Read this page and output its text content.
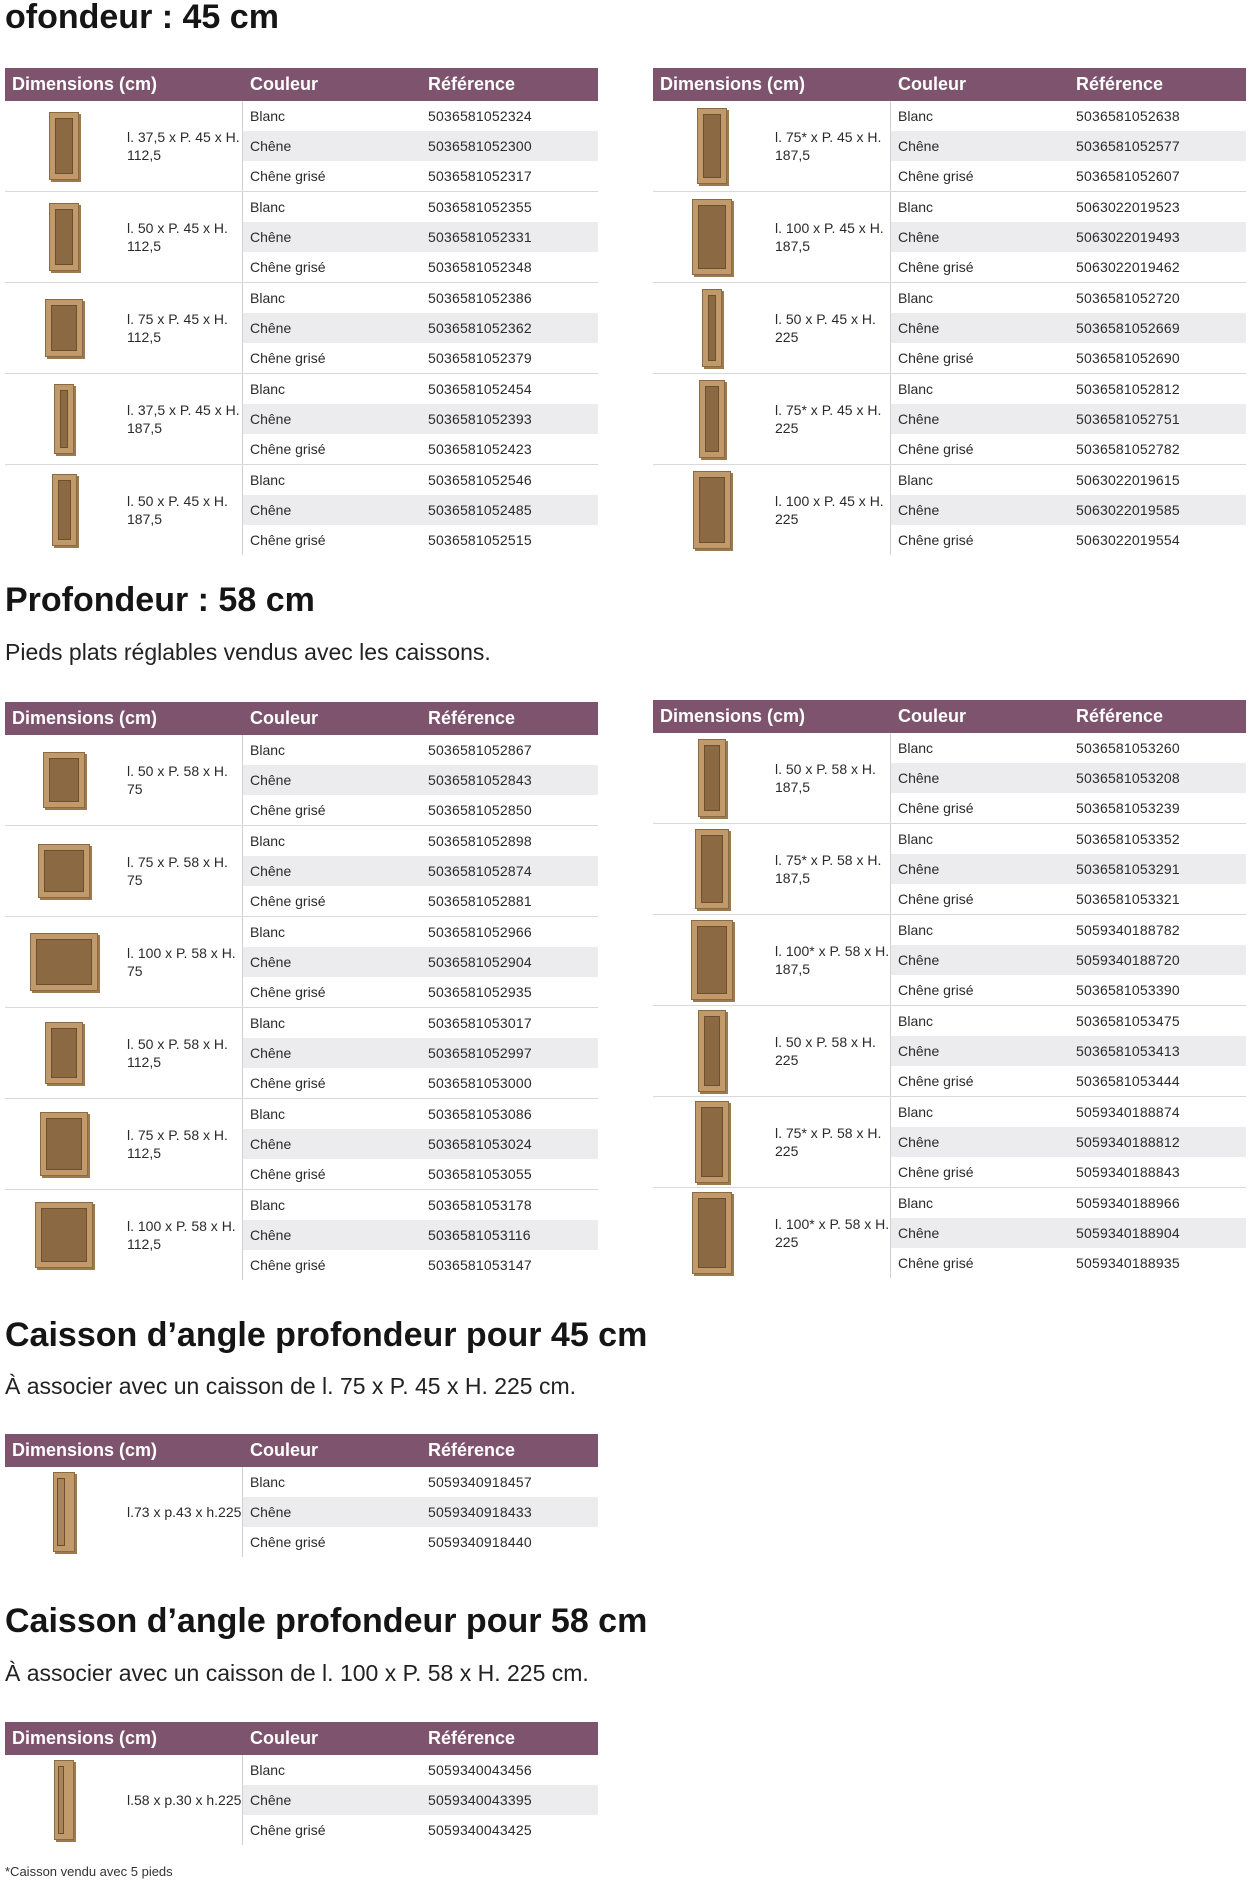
ofondeur : 45 cm
Dimensions (cm)	Couleur	Référence
l. 37,5 x P. 45 x H. 112,5
Blanc	5036581052324
Chêne	5036581052300
Chêne grisé	5036581052317
l. 50 x P. 45 x H. 112,5
Blanc	5036581052355
Chêne	5036581052331
Chêne grisé	5036581052348
l. 75 x P. 45 x H. 112,5
Blanc	5036581052386
Chêne	5036581052362
Chêne grisé	5036581052379
l. 37,5 x P. 45 x H. 187,5
Blanc	5036581052454
Chêne	5036581052393
Chêne grisé	5036581052423
l. 50 x P. 45 x H. 187,5
Blanc	5036581052546
Chêne	5036581052485
Chêne grisé	5036581052515
Dimensions (cm)	Couleur	Référence
l. 75* x P. 45 x H. 187,5
Blanc	5036581052638
Chêne	5036581052577
Chêne grisé	5036581052607
l. 100 x P. 45 x H. 187,5
Blanc	5063022019523
Chêne	5063022019493
Chêne grisé	5063022019462
l. 50 x P. 45 x H. 225
Blanc	5036581052720
Chêne	5036581052669
Chêne grisé	5036581052690
l. 75* x P. 45 x H. 225
Blanc	5036581052812
Chêne	5036581052751
Chêne grisé	5036581052782
l. 100 x P. 45 x H. 225
Blanc	5063022019615
Chêne	5063022019585
Chêne grisé	5063022019554
Profondeur : 58 cm
Pieds plats réglables vendus avec les caissons.
Dimensions (cm)	Couleur	Référence
l. 50 x P. 58 x H. 75
Blanc	5036581052867
Chêne	5036581052843
Chêne grisé	5036581052850
l. 75 x P. 58 x H. 75
Blanc	5036581052898
Chêne	5036581052874
Chêne grisé	5036581052881
l. 100 x P. 58 x H. 75
Blanc	5036581052966
Chêne	5036581052904
Chêne grisé	5036581052935
l. 50 x P. 58 x H. 112,5
Blanc	5036581053017
Chêne	5036581052997
Chêne grisé	5036581053000
l. 75 x P. 58 x H. 112,5
Blanc	5036581053086
Chêne	5036581053024
Chêne grisé	5036581053055
l. 100 x P. 58 x H. 112,5
Blanc	5036581053178
Chêne	5036581053116
Chêne grisé	5036581053147
Dimensions (cm)	Couleur	Référence
l. 50 x P. 58 x H. 187,5
Blanc	5036581053260
Chêne	5036581053208
Chêne grisé	5036581053239
l. 75* x P. 58 x H. 187,5
Blanc	5036581053352
Chêne	5036581053291
Chêne grisé	5036581053321
l. 100* x P. 58 x H. 187,5
Blanc	5059340188782
Chêne	5059340188720
Chêne grisé	5036581053390
l. 50 x P. 58 x H. 225
Blanc	5036581053475
Chêne	5036581053413
Chêne grisé	5036581053444
l. 75* x P. 58 x H. 225
Blanc	5059340188874
Chêne	5059340188812
Chêne grisé	5059340188843
l. 100* x P. 58 x H. 225
Blanc	5059340188966
Chêne	5059340188904
Chêne grisé	5059340188935
Caisson d’angle profondeur pour 45 cm
À associer avec un caisson de l. 75 x P. 45 x H. 225 cm.
Dimensions (cm)	Couleur	Référence
l.73 x p.43 x h.225
Blanc	5059340918457
Chêne	5059340918433
Chêne grisé	5059340918440
Caisson d’angle profondeur pour 58 cm
À associer avec un caisson de l. 100 x P. 58 x H. 225 cm.
Dimensions (cm)	Couleur	Référence
l.58 x p.30 x h.225
Blanc	5059340043456
Chêne	5059340043395
Chêne grisé	5059340043425
*Caisson vendu avec 5 pieds
